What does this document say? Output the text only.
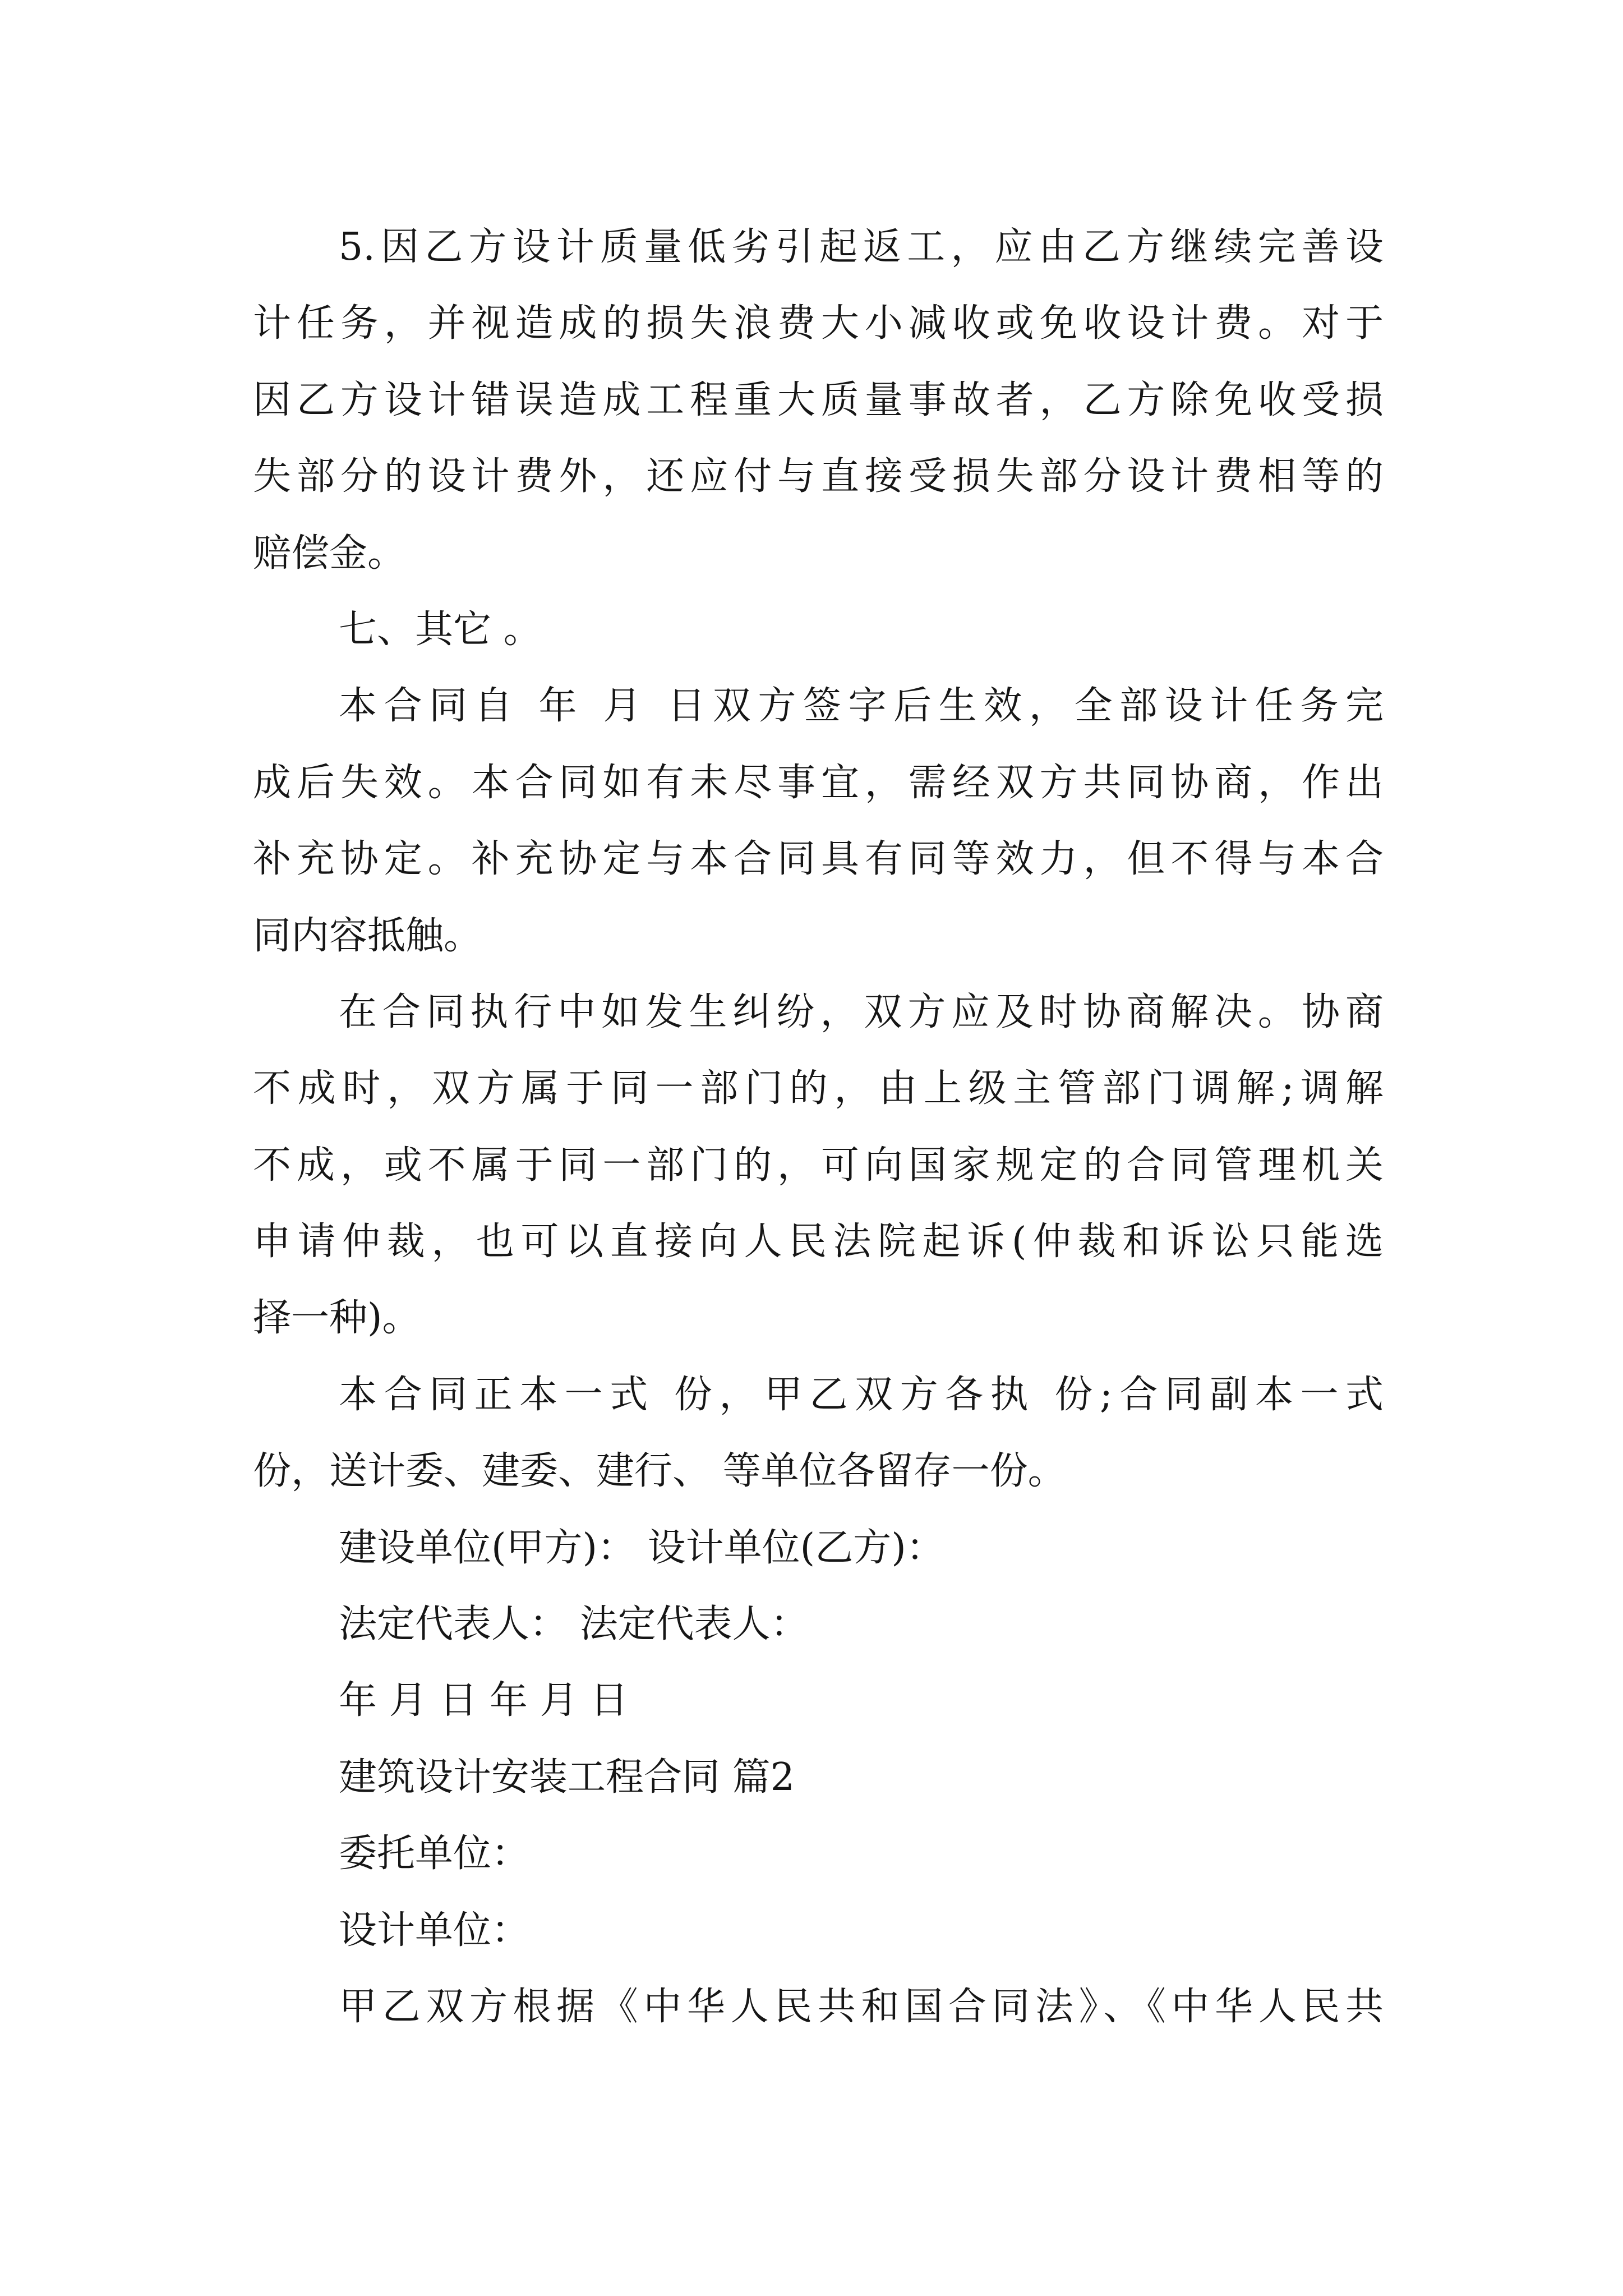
5.因乙方设计质量低劣引起返工，应由乙方继续完善设
计任务，并视造成的损失浪费大小减收或免收设计费。对于
因乙方设计错误造成工程重大质量事故者，乙方除免收受损
失部分的设计费外，还应付与直接受损失部分设计费相等的
赔偿金。
七、其它 。
本合同自 年 月 日双方签字后生效，全部设计任务完
成后失效。本合同如有未尽事宜，需经双方共同协商，作出
补充协定。补充协定与本合同具有同等效力，但不得与本合
同内容抵触。
在合同执行中如发生纠纷，双方应及时协商解决。协商
不成时，双方属于同一部门的，由上级主管部门调解;调解
不成，或不属于同一部门的，可向国家规定的合同管理机关
申请仲裁，也可以直接向人民法院起诉(仲裁和诉讼只能选
择一种)。
本合同正本一式 份，甲乙双方各执 份;合同副本一式
份，送计委、建委、建行、 等单位各留存一份。
建设单位(甲方)： 设计单位(乙方)：
法定代表人： 法定代表人：
年 月 日 年 月 日
建筑设计安装工程合同 篇2
委托单位：
设计单位：
甲乙双方根据《中华人民共和国合同法》、《中华人民共
